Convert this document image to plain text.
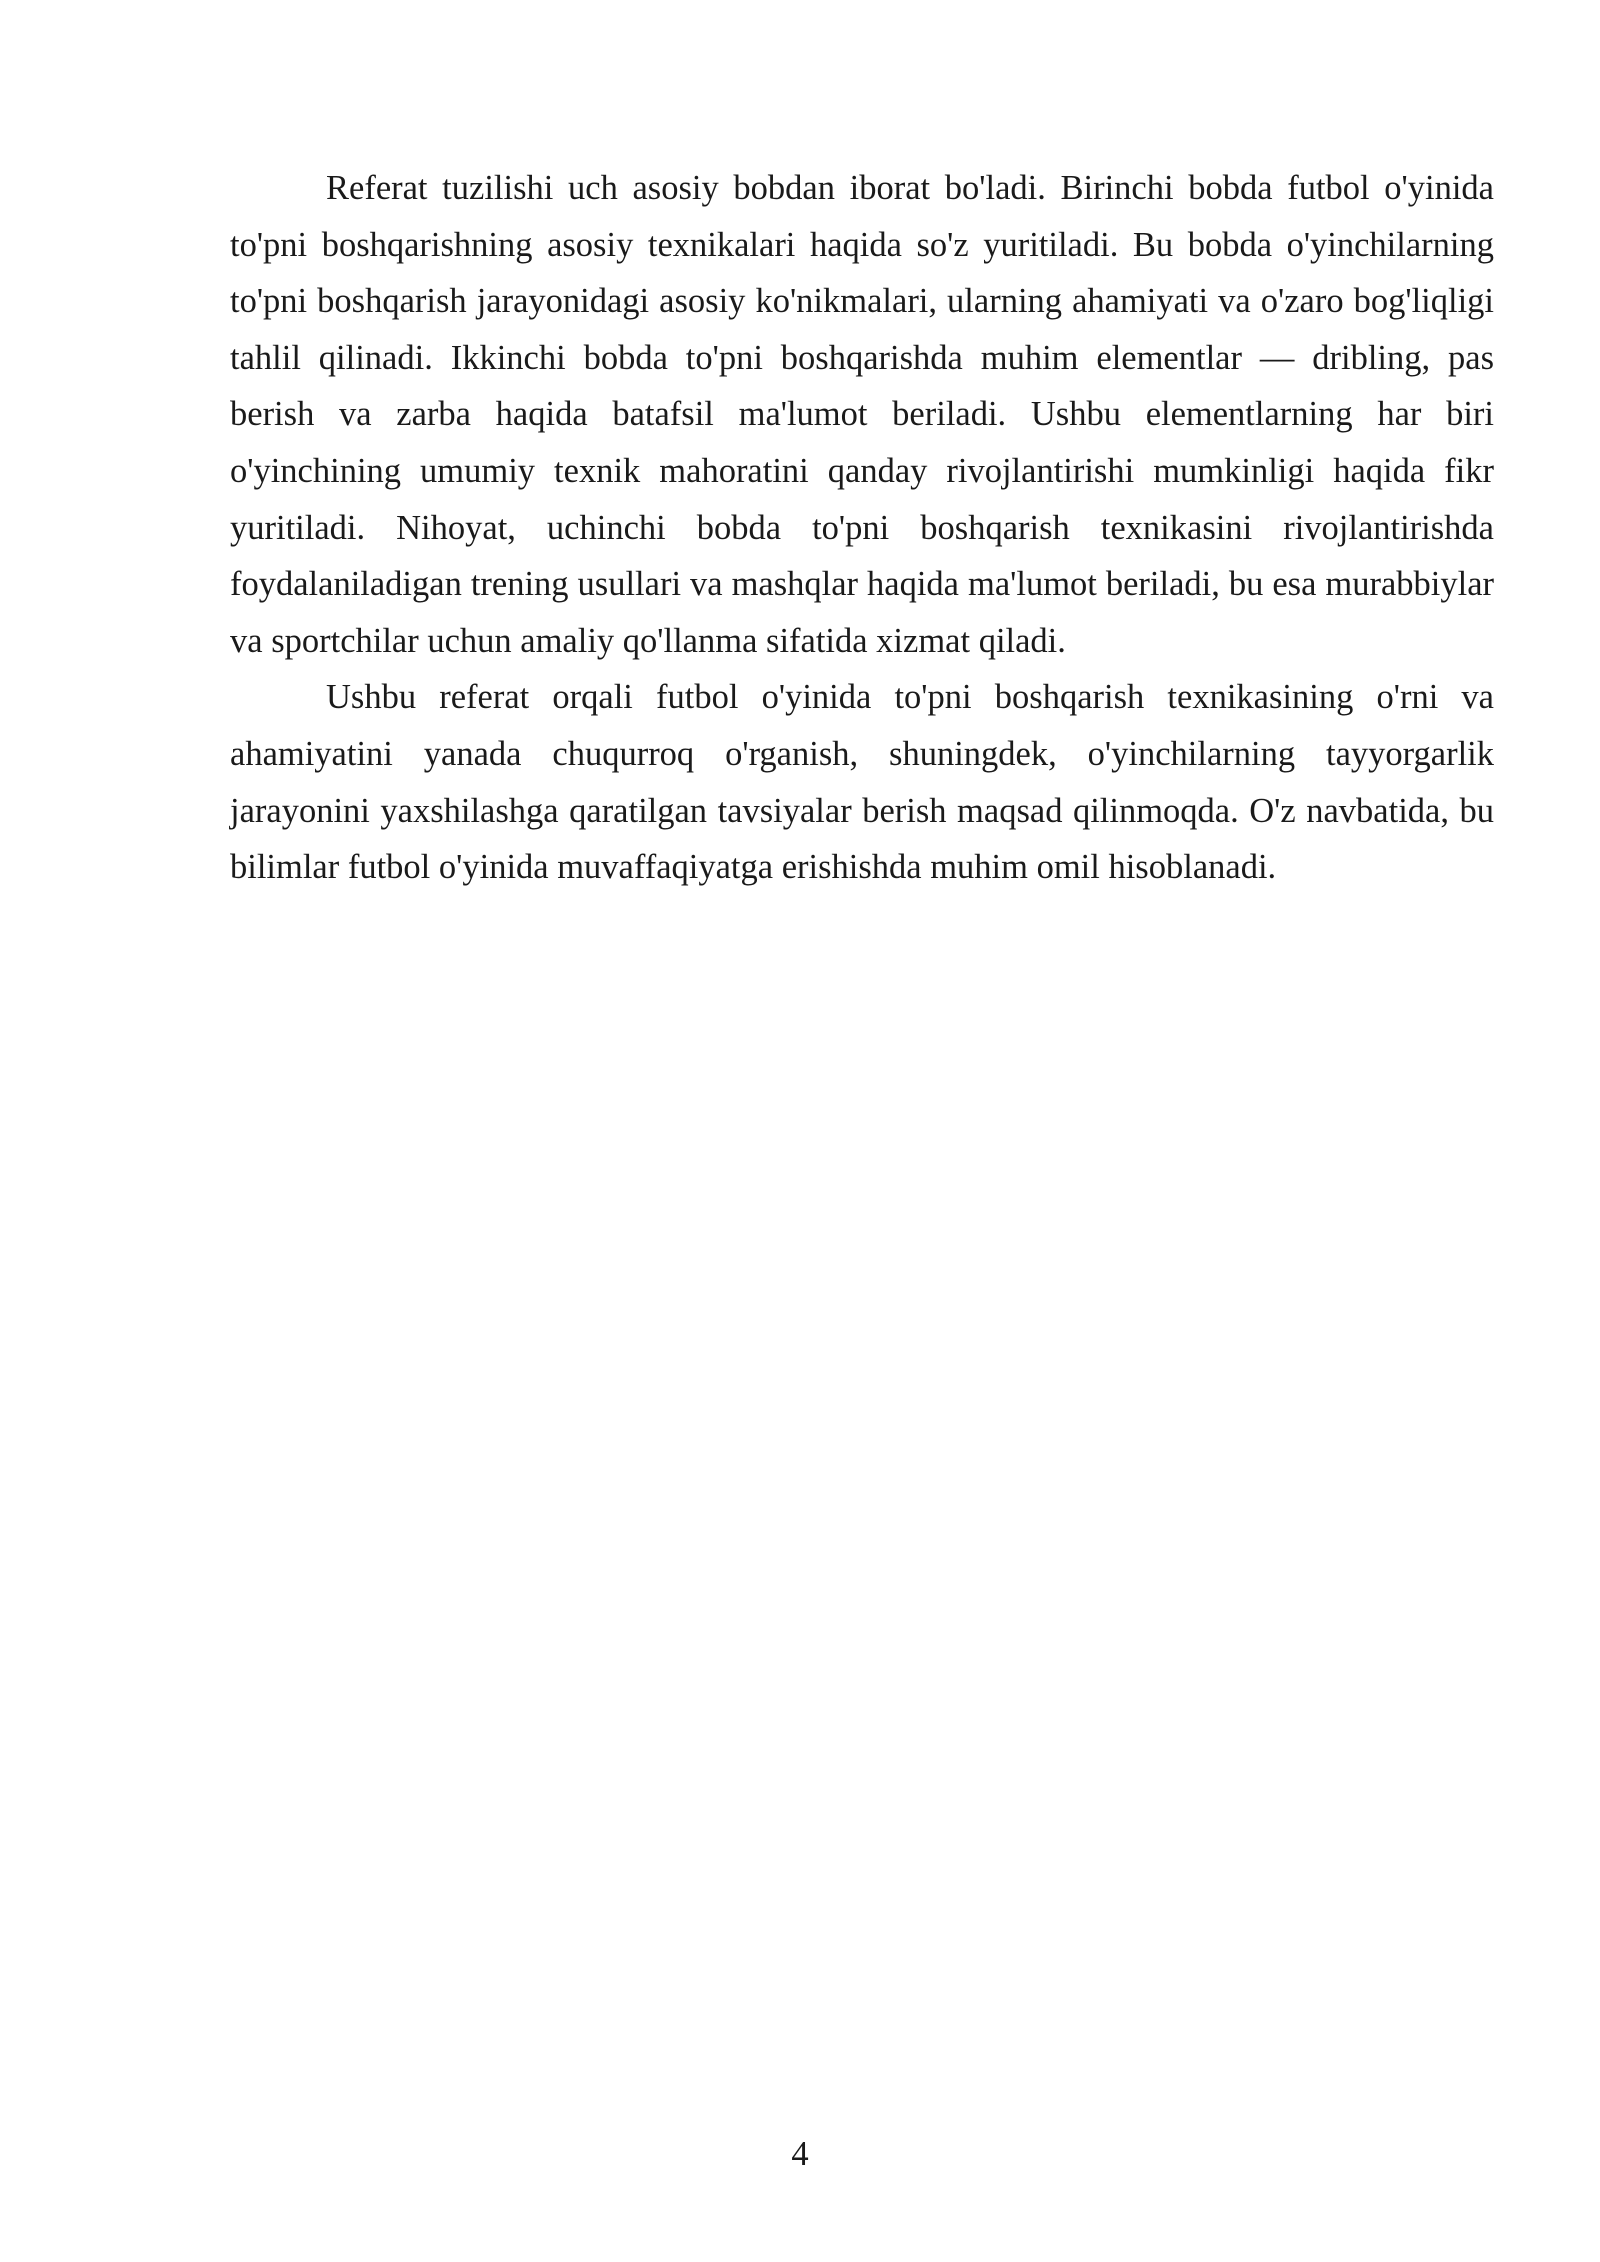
Referat tuzilishi uch asosiy bobdan iborat bo'ladi. Birinchi bobda futbol o'yinida to'pni boshqarishning asosiy texnikalari haqida so'z yuritiladi. Bu bobda o'yinchilarning to'pni boshqarish jarayonidagi asosiy ko'nikmalari, ularning ahamiyati va o'zaro bog'liqligi tahlil qilinadi. Ikkinchi bobda to'pni boshqarishda muhim elementlar — dribling, pas berish va zarba haqida batafsil ma'lumot beriladi. Ushbu elementlarning har biri o'yinchining umumiy texnik mahoratini qanday rivojlantirishi mumkinligi haqida fikr yuritiladi. Nihoyat, uchinchi bobda to'pni boshqarish texnikasini rivojlantirishda foydalaniladigan trening usullari va mashqlar haqida ma'lumot beriladi, bu esa murabbiylar va sportchilar uchun amaliy qo'llanma sifatida xizmat qiladi.

Ushbu referat orqali futbol o'yinida to'pni boshqarish texnikasining o'rni va ahamiyatini yanada chuqurroq o'rganish, shuningdek, o'yinchilarning tayyorgarlik jarayonini yaxshilashga qaratilgan tavsiyalar berish maqsad qilinmoqda. O'z navbatida, bu bilimlar futbol o'yinida muvaffaqiyatga erishishda muhim omil hisoblanadi.

4
